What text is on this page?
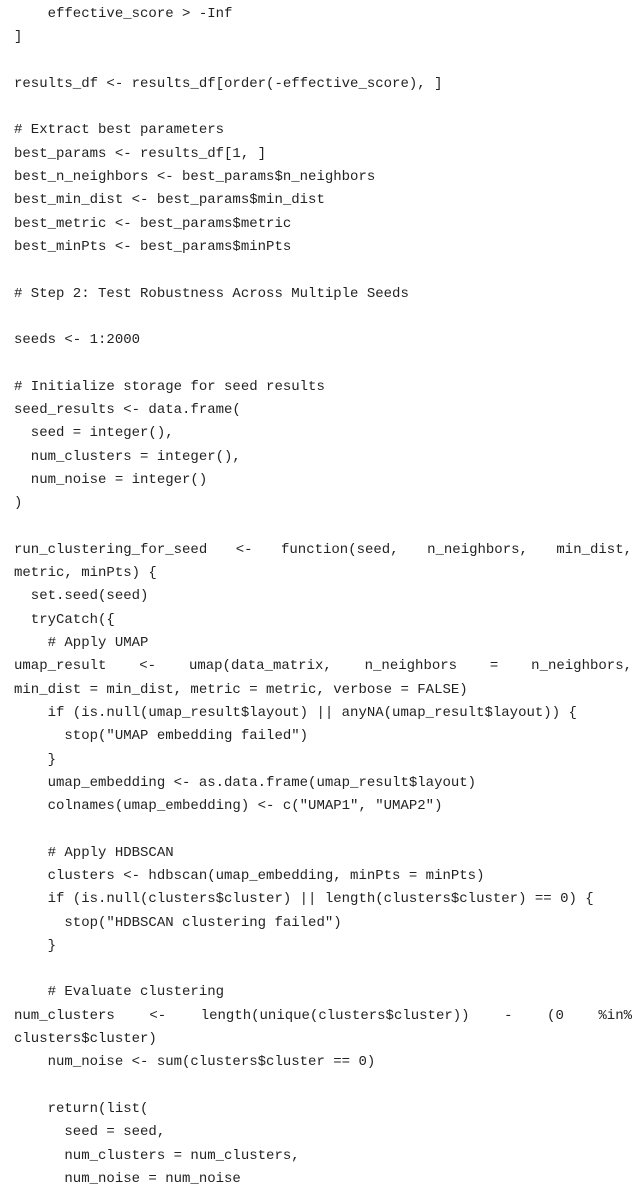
effective_score > -Inf
]
results_df <- results_df[order(-effective_score), ]
# Extract best parameters
best_params <- results_df[1, ]
best_n_neighbors <- best_params$n_neighbors
best_min_dist <- best_params$min_dist
best_metric <- best_params$metric
best_minPts <- best_params$minPts
# Step 2: Test Robustness Across Multiple Seeds
seeds <- 1:2000
# Initialize storage for seed results
seed_results <- data.frame(
seed = integer(),
num_clusters = integer(),
num_noise = integer()
)
run_clustering_for_seed <- function(seed, n_neighbors, min_dist,
metric, minPts) {
set.seed(seed)
tryCatch({
# Apply UMAP
umap_result <- umap(data_matrix, n_neighbors = n_neighbors,
min_dist = min_dist, metric = metric, verbose = FALSE)
if (is.null(umap_result$layout) || anyNA(umap_result$layout)) {
stop("UMAP embedding failed")
}
umap_embedding <- as.data.frame(umap_result$layout)
colnames(umap_embedding) <- c("UMAP1", "UMAP2")
# Apply HDBSCAN
clusters <- hdbscan(umap_embedding, minPts = minPts)
if (is.null(clusters$cluster) || length(clusters$cluster) == 0) {
stop("HDBSCAN clustering failed")
}
# Evaluate clustering
num_clusters <- length(unique(clusters$cluster)) - (0 %in%
clusters$cluster)
num_noise <- sum(clusters$cluster == 0)
return(list(
seed = seed,
num_clusters = num_clusters,
num_noise = num_noise
